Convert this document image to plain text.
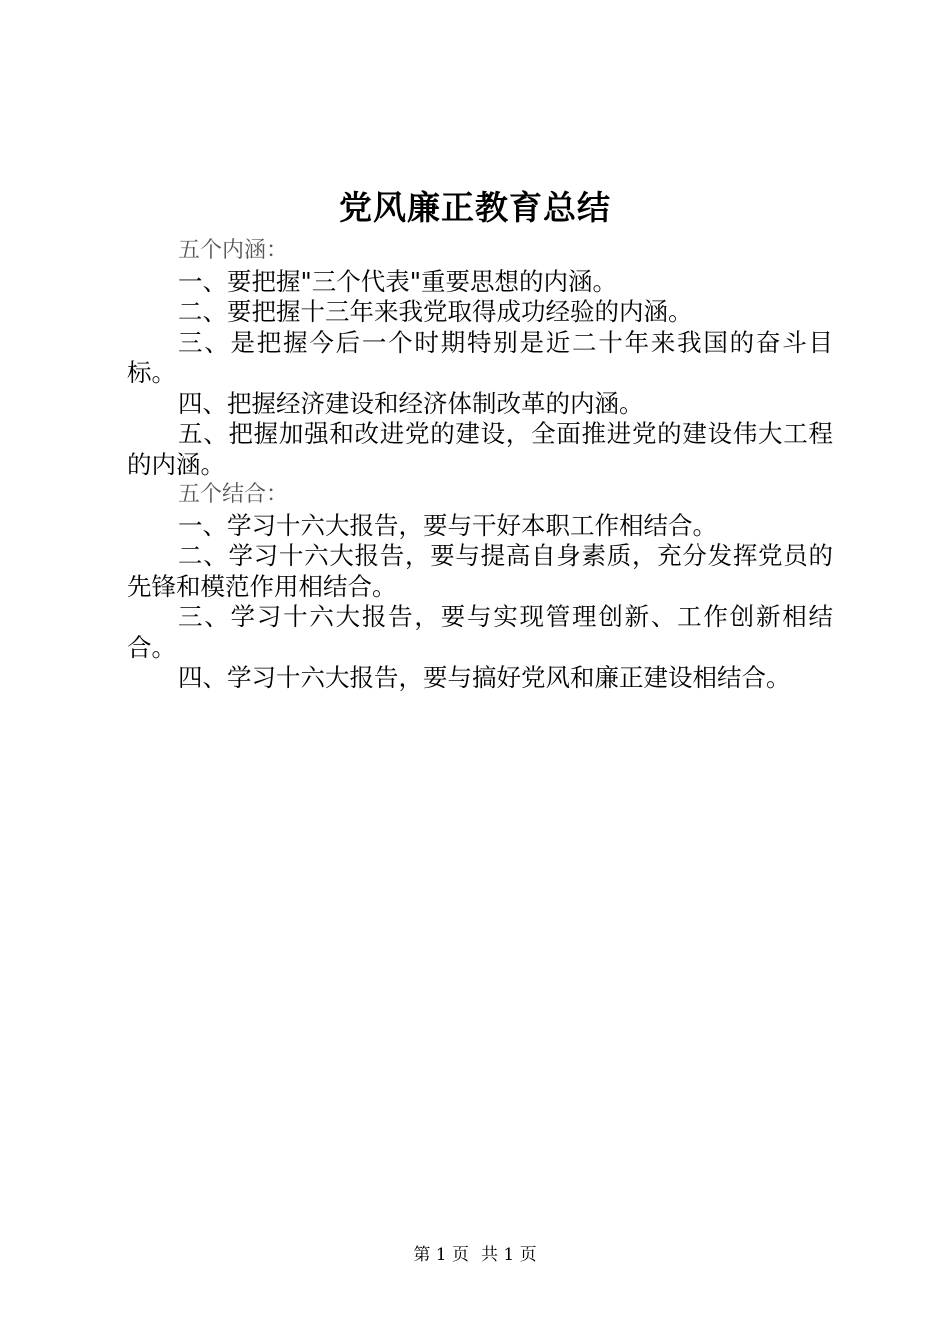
党风廉正教育总结

五个内涵：

一、要把握"三个代表"重要思想的内涵。

二、要把握十三年来我党取得成功经验的内涵。

三、是把握今后一个时期特别是近二十年来我国的奋斗目标。

四、把握经济建设和经济体制改革的内涵。

五、把握加强和改进党的建设，全面推进党的建设伟大工程的内涵。

五个结合：

一、学习十六大报告，要与干好本职工作相结合。

二、学习十六大报告，要与提高自身素质，充分发挥党员的先锋和模范作用相结合。

三、学习十六大报告，要与实现管理创新、工作创新相结合。

四、学习十六大报告，要与搞好党风和廉正建设相结合。

第 1 页 共 1 页
